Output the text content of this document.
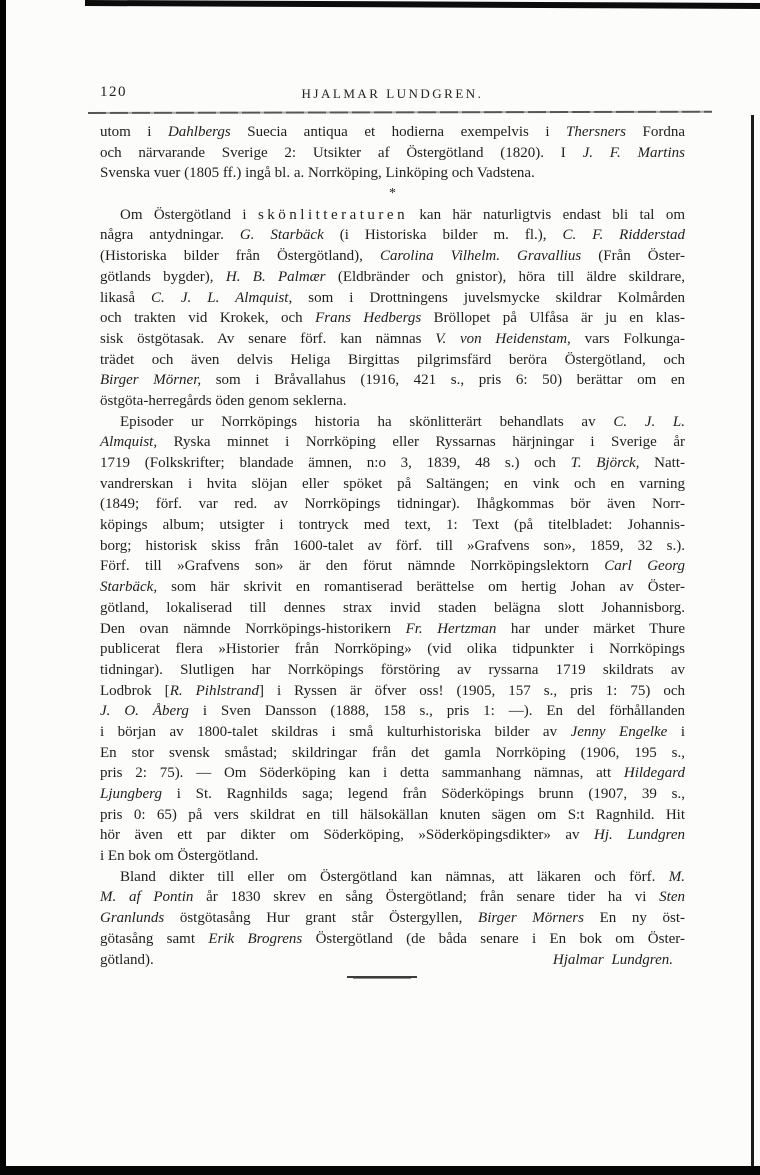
120	HJALMAR LUNDGREN.
utom i Dahlbergs Suecia antiqua et hodierna exempelvis i Thersners Fordna
och närvarande Sverige 2: Utsikter af Östergötland (1820). I J. F. Martins
Svenska vuer (1805 ff.) ingå bl. a. Norrköping, Linköping och Vadstena.
*
Om Östergötland i skönlitteraturen kan här naturligtvis endast bli tal om
några antydningar. G. Starbäck (i Historiska bilder m. fl.), C. F. Ridderstad
(Historiska bilder från Östergötland), Carolina Vilhelm. Gravallius (Från Öster-
götlands bygder), H. B. Palmær (Eldbränder och gnistor), höra till äldre skildrare,
likaså C. J. L. Almquist, som i Drottningens juvelsmycke skildrar Kolmården
och trakten vid Krokek, och Frans Hedbergs Bröllopet på Ulfåsa är ju en klas-
sisk östgötasak. Av senare förf. kan nämnas V. von Heidenstam, vars Folkunga-
trädet och även delvis Heliga Birgittas pilgrimsfärd beröra Östergötland, och
Birger Mörner, som i Bråvallahus (1916, 421 s., pris 6: 50) berättar om en
östgöta-herregårds öden genom seklerna.
Episoder ur Norrköpings historia ha skönlitterärt behandlats av C. J. L.
Almquist, Ryska minnet i Norrköping eller Ryssarnas härjningar i Sverige år
1719 (Folkskrifter; blandade ämnen, n:o 3, 1839, 48 s.) och T. Björck, Natt-
vandrerskan i hvita slöjan eller spöket på Saltängen; en vink och en varning
(1849; förf. var red. av Norrköpings tidningar). Ihågkommas bör även Norr-
köpings album; utsigter i tontryck med text, 1: Text (på titelbladet: Johannis-
borg; historisk skiss från 1600-talet av förf. till »Grafvens son», 1859, 32 s.).
Förf. till »Grafvens son» är den förut nämnde Norrköpingslektorn Carl Georg
Starbäck, som här skrivit en romantiserad berättelse om hertig Johan av Öster-
götland, lokaliserad till dennes strax invid staden belägna slott Johannisborg.
Den ovan nämnde Norrköpings-historikern Fr. Hertzman har under märket Thure
publicerat flera »Historier från Norrköping» (vid olika tidpunkter i Norrköpings
tidningar). Slutligen har Norrköpings förstöring av ryssarna 1719 skildrats av
Lodbrok [R. Pihlstrand] i Ryssen är öfver oss! (1905, 157 s., pris 1: 75) och
J. O. Åberg i Sven Dansson (1888, 158 s., pris 1: —). En del förhållanden
i början av 1800-talet skildras i små kulturhistoriska bilder av Jenny Engelke i
En stor svensk småstad; skildringar från det gamla Norrköping (1906, 195 s.,
pris 2: 75). — Om Söderköping kan i detta sammanhang nämnas, att Hildegard
Ljungberg i St. Ragnhilds saga; legend från Söderköpings brunn (1907, 39 s.,
pris 0: 65) på vers skildrat en till hälsokällan knuten sägen om S:t Ragnhild. Hit
hör även ett par dikter om Söderköping, »Söderköpingsdikter» av Hj. Lundgren
i En bok om Östergötland.
Bland dikter till eller om Östergötland kan nämnas, att läkaren och förf. M.
M. af Pontin år 1830 skrev en sång Östergötland; från senare tider ha vi Sten
Granlunds östgötasång Hur grant står Östergyllen, Birger Mörners En ny öst-
götasång samt Erik Brogrens Östergötland (de båda senare i En bok om Öster-
götland).	Hjalmar Lundgren.
